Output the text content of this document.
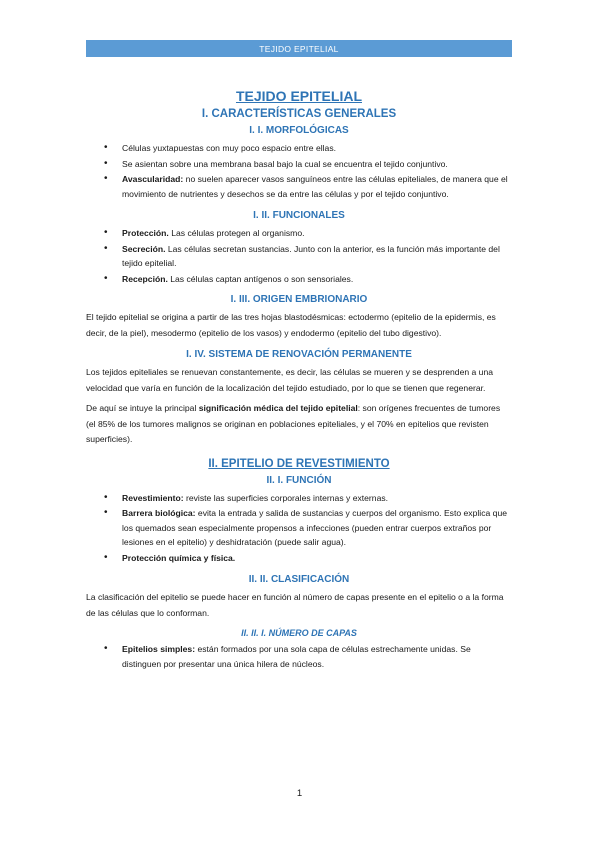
TEJIDO EPITELIAL
TEJIDO EPITELIAL
I. CARACTERÍSTICAS GENERALES
I. I. MORFOLÓGICAS
• Células yuxtapuestas con muy poco espacio entre ellas.
• Se asientan sobre una membrana basal bajo la cual se encuentra el tejido conjuntivo.
• Avascularidad: no suelen aparecer vasos sanguíneos entre las células epiteliales, de manera que el movimiento de nutrientes y desechos se da entre las células y por el tejido conjuntivo.
I. II. FUNCIONALES
• Protección. Las células protegen al organismo.
• Secreción. Las células secretan sustancias. Junto con la anterior, es la función más importante del tejido epitelial.
• Recepción. Las células captan antígenos o son sensoriales.
I. III. ORIGEN EMBRIONARIO

El tejido epitelial se origina a partir de las tres hojas blastodésmicas: ectodermo (epitelio de la epidermis, es decir, de la piel), mesodermo (epitelio de los vasos) y endodermo (epitelio del tubo digestivo).

I. IV. SISTEMA DE RENOVACIÓN PERMANENTE

Los tejidos epiteliales se renuevan constantemente, es decir, las células se mueren y se desprenden a una velocidad que varía en función de la localización del tejido estudiado, por lo que se tienen que regenerar.

De aquí se intuye la principal significación médica del tejido epitelial: son orígenes frecuentes de tumores (el 85% de los tumores malignos se originan en poblaciones epiteliales, y el 70% en epitelios que revisten superficies).

II. EPITELIO DE REVESTIMIENTO
II. I. FUNCIÓN
• Revestimiento: reviste las superficies corporales internas y externas.
• Barrera biológica: evita la entrada y salida de sustancias y cuerpos del organismo. Esto explica que los quemados sean especialmente propensos a infecciones (pueden entrar cuerpos extraños por lesiones en el epitelio) y deshidratación (puede salir agua).
• Protección química y física.
II. II. CLASIFICACIÓN

La clasificación del epitelio se puede hacer en función al número de capas presente en el epitelio o a la forma de las células que lo conforman.

II. II. I. NÚMERO DE CAPAS
• Epitelios simples: están formados por una sola capa de células estrechamente unidas. Se distinguen por presentar una única hilera de núcleos.
1
